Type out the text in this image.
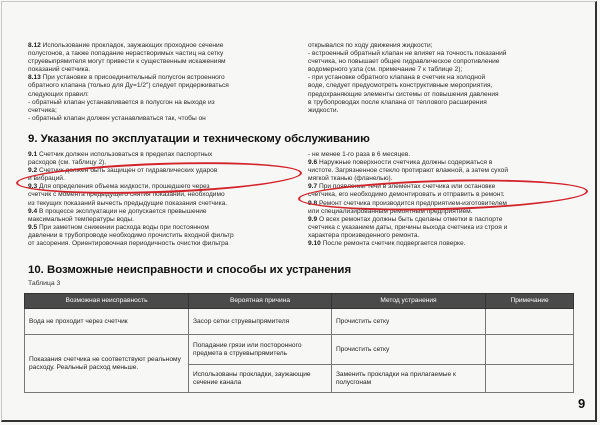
8.12 Использование прокладок, заужающих проходное сечение

полусгонов, а также попадание нерастворимых частиц на сетку

струевыпрямителя могут привести к существенным искажениям

показаний счетчика.

8.13 При установке в присоединительный полусгон встроенного

обратного клапана (только для Ду=1/2") следует придерживаться

следующих правил:

- обратный клапан устанавливается в полусгон на выходе из

счетчика;

- обратный клапан должен устанавливаться так, чтобы он

открывался по ходу движения жидкости;

- встроенный обратный клапан не влияет на точность показаний

счетчика, но повышает общее гидравлическое сопротивление

водомерного узла (см. примечание 7 к таблице 2);

- при установке обратного клапана в счетчик на холодной

воде, следует предусмотреть конструктивные мероприятия,

предохраняющие элементы системы от повышения давления

в трубопроводах после клапана от теплового расширения

жидкости.

9. Указания по эксплуатации и техническому обслуживанию

9.1 Счетчик должен использоваться в пределах паспортных

расходов (см. таблицу 2).

9.2 Счетчик должен быть защищен от гидравлических ударов

и вибраций.

9.3 Для определения объема жидкости, прошедшего через

счетчик с момента предыдущего снятия показаний, необходимо

из текущих показаний вычесть предыдущие показания счетчика.

9.4 В процессе эксплуатации не допускается превышение

максимальной температуры воды.

9.5 При заметном снижении расхода воды при постоянном

давлении в трубопроводе необходимо прочистить входной фильтр

от засорения. Ориентировочная периодичность очистки фильтра

- не менее 1-го раза в 6 месяцев.

9.6 Наружные поверхности счетчика должны содержаться в

чистоте. Загрязненное стекло протирают влажной, а затем сухой

мягкой тканью (фланелью).

9.7 При появлении течи в элементах счетчика или остановке

счетчика, его необходимо демонтировать и отправить в ремонт.

9.8 Ремонт счетчика производится предприятием-изготовителем

или специализированным ремонтным предприятием.

9.9 О всех ремонтах должны быть сделаны отметки в паспорте

счетчика с указанием даты, причины выхода счетчика из строя и

характера произведенного ремонта.

9.10 После ремонта счетчик подвергается поверке.

10. Возможные неисправности и способы их устранения
Таблица 3
Возможная неисправность	Вероятная причина	Метод устранения	Примечание
Вода не проходит через счетчик	Засор сетки струевыпрямителя	Прочистить сетку	
Показания счетчика не соответствуют реальному расходу. Реальный расход меньше.	Попадание грязи или посторонного предмета в струевыпрямитель	Прочистить сетку	
	Использованы прокладки, заужающие сечение канала	Заменить прокладки на прилагаемые к полусгонам	
9
